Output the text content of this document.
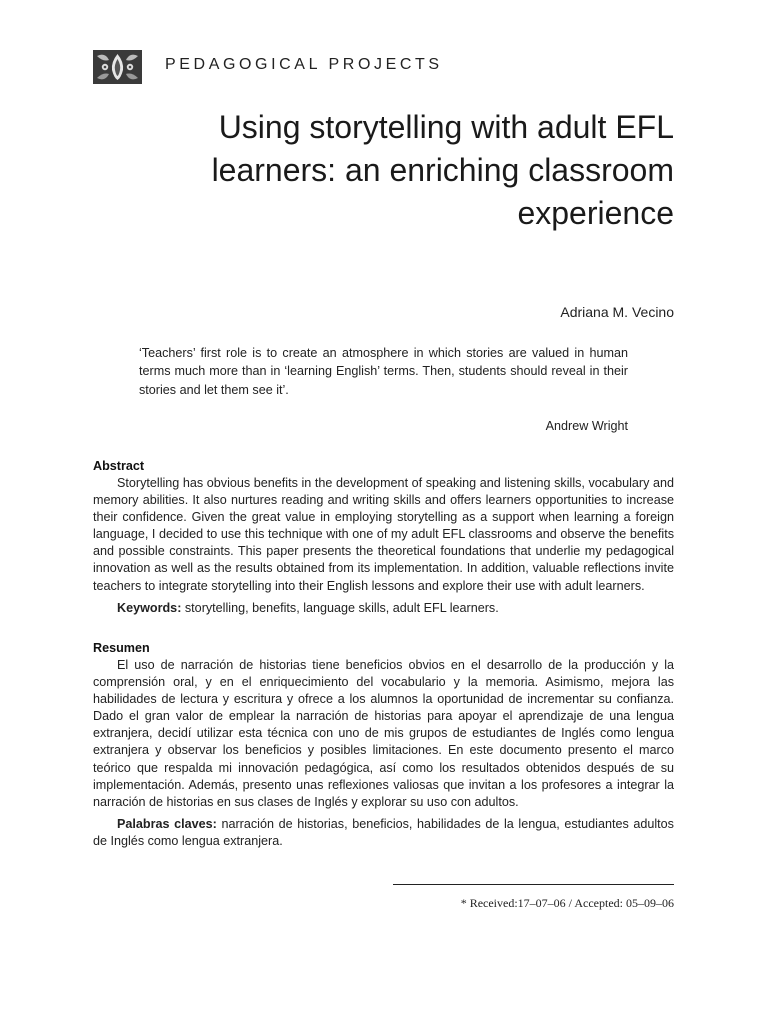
PEDAGOGICAL PROJECTS
Using storytelling with adult EFL learners: an enriching classroom experience
Adriana M. Vecino

‘Teachers’ first role is to create an atmosphere in which stories are valued in human terms much more than in ‘learning English’ terms. Then, students should reveal in their stories and let them see it’.

Andrew Wright
Abstract

Storytelling has obvious benefits in the development of speaking and listening skills, vocabulary and memory abilities. It also nurtures reading and writing skills and offers learners opportunities to increase their confidence. Given the great value in employing storytelling as a support when learning a foreign language, I decided to use this technique with one of my adult EFL classrooms and observe the benefits and possible constraints. This paper presents the theoretical foundations that underlie my pedagogical innovation as well as the results obtained from its implementation. In addition, valuable reflections invite teachers to integrate storytelling into their English lessons and explore their use with adult learners.

Keywords: storytelling, benefits, language skills, adult EFL learners.

Resumen

El uso de narración de historias tiene beneficios obvios en el desarrollo de la producción y la comprensión oral, y en el enriquecimiento del vocabulario y la memoria. Asimismo, mejora las habilidades de lectura y escritura y ofrece a los alumnos la oportunidad de incrementar su confianza. Dado el gran valor de emplear la narración de historias para apoyar el aprendizaje de una lengua extranjera, decidí utilizar esta técnica con uno de mis grupos de estudiantes de Inglés como lengua extranjera y observar los beneficios y posibles limitaciones. En este documento presento el marco teórico que respalda mi innovación pedagógica, así como los resultados obtenidos después de su implementación. Además, presento unas reflexiones valiosas que invitan a los profesores a integrar la narración de historias en sus clases de Inglés y explorar su uso con adultos.

Palabras claves: narración de historias, beneficios, habilidades de la lengua, estudiantes adultos de Inglés como lengua extranjera.

* Received:17–07–06 / Accepted: 05–09–06
